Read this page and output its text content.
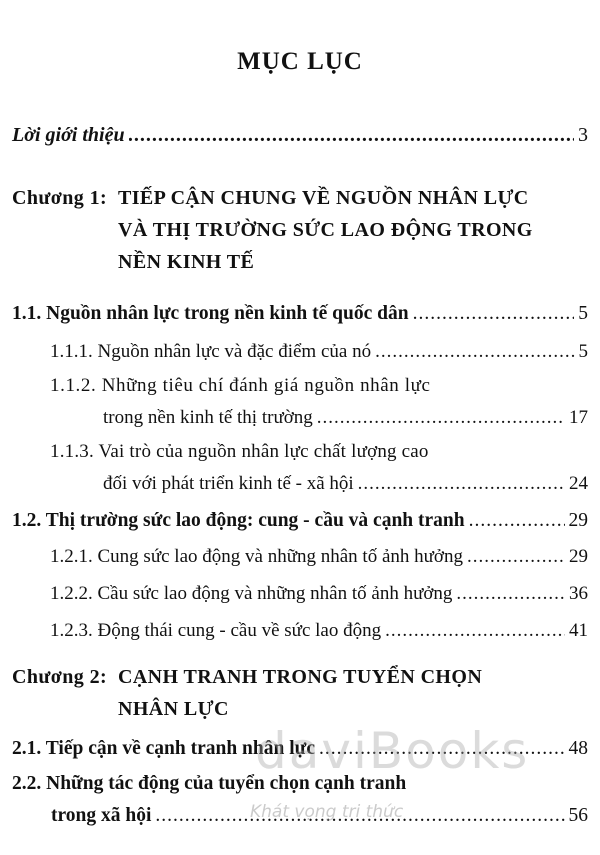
MỤC LỤC
Lời giới thiệu .....	3
Chương 1: TIẾP CẬN CHUNG VỀ NGUỒN NHÂN LỰC
VÀ THỊ TRƯỜNG SỨC LAO ĐỘNG TRONG
NỀN KINH TẾ
1.1. Nguồn nhân lực trong nền kinh tế quốc dân .....	5
1.1.1. Nguồn nhân lực và đặc điểm của nó .....	5
1.1.2. Những tiêu chí đánh giá nguồn nhân lực
trong nền kinh tế thị trường .....	17
1.1.3. Vai trò của nguồn nhân lực chất lượng cao
đối với phát triển kinh tế - xã hội .....	24
1.2. Thị trường sức lao động: cung - cầu và cạnh tranh .....	29
1.2.1. Cung sức lao động và những nhân tố ảnh hưởng .....	29
1.2.2. Cầu sức lao động và những nhân tố ảnh hưởng .....	36
1.2.3. Động thái cung - cầu về sức lao động .....	41
Chương 2: CẠNH TRANH TRONG TUYỂN CHỌN
NHÂN LỰC
2.1. Tiếp cận về cạnh tranh nhân lực .....	48
2.2. Những tác động của tuyển chọn cạnh tranh
trong xã hội .....	56
daviBooks
Khát vọng tri thức
